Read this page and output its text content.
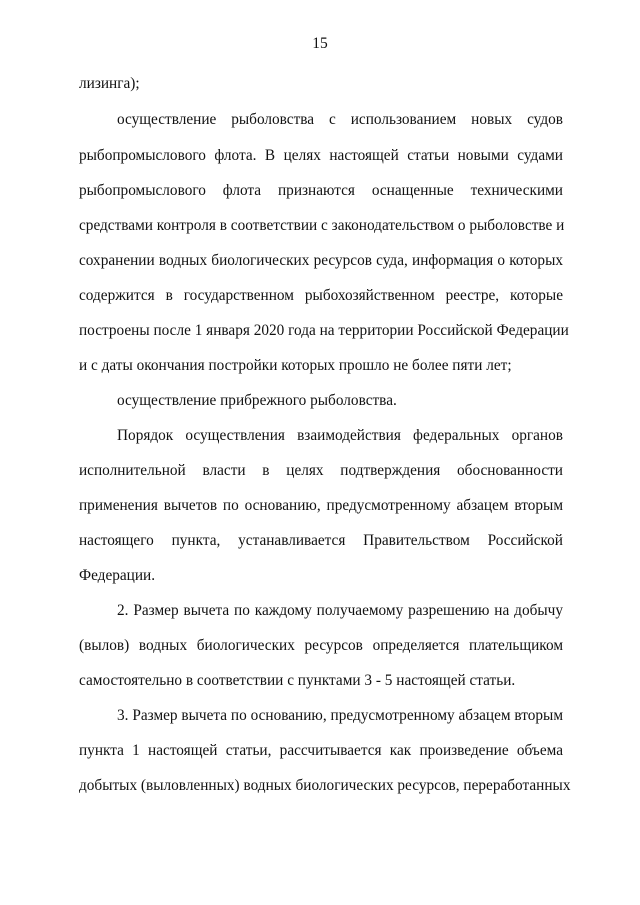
15
лизинга);
осуществление рыболовства с использованием новых судов
рыбопромыслового флота. В целях настоящей статьи новыми судами
рыбопромыслового флота признаются оснащенные техническими
средствами контроля в соответствии с законодательством о рыболовстве и
сохранении водных биологических ресурсов суда, информация о которых
содержится в государственном рыбохозяйственном реестре, которые
построены после 1 января 2020 года на территории Российской Федерации
и с даты окончания постройки которых прошло не более пяти лет;
осуществление прибрежного рыболовства.
Порядок осуществления взаимодействия федеральных органов
исполнительной власти в целях подтверждения обоснованности
применения вычетов по основанию, предусмотренному абзацем вторым
настоящего пункта, устанавливается Правительством Российской
Федерации.
2. Размер вычета по каждому получаемому разрешению на добычу
(вылов) водных биологических ресурсов определяется плательщиком
самостоятельно в соответствии с пунктами 3 - 5 настоящей статьи.
3. Размер вычета по основанию, предусмотренному абзацем вторым
пункта 1 настоящей статьи, рассчитывается как произведение объема
добытых (выловленных) водных биологических ресурсов, переработанных
